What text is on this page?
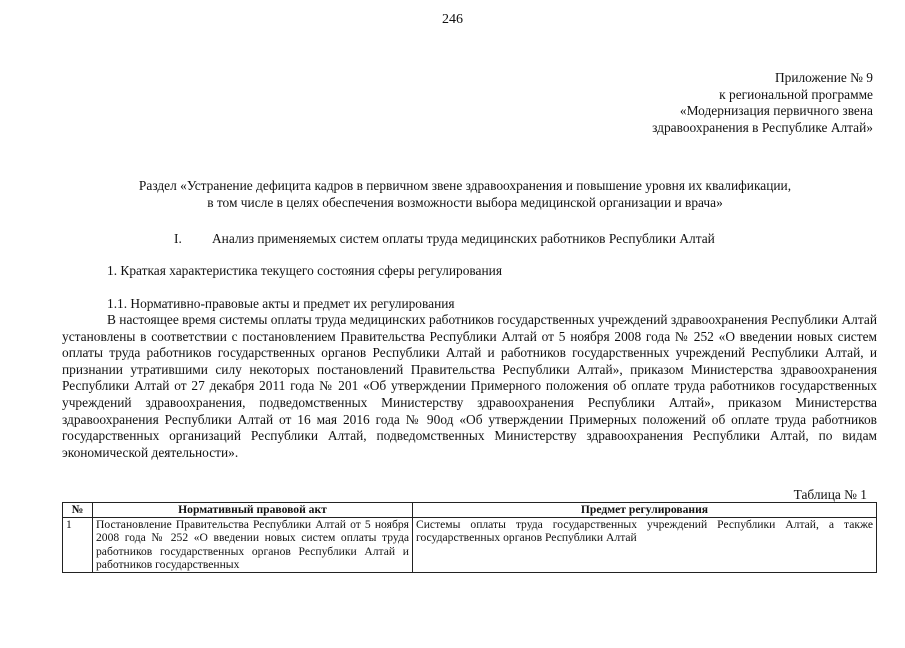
246
Приложение № 9
к региональной программе
«Модернизация первичного звена
здравоохранения в Республике Алтай»
Раздел «Устранение дефицита кадров в первичном звене здравоохранения и повышение уровня их квалификации,
в том числе в целях обеспечения возможности выбора медицинской организации и врача»
I. Анализ применяемых систем оплаты труда медицинских работников Республики Алтай
1. Краткая характеристика текущего состояния сферы регулирования
1.1. Нормативно-правовые акты и предмет их регулирования

В настоящее время системы оплаты труда медицинских работников государственных учреждений здравоохранения Республики Алтай установлены в соответствии с постановлением Правительства Республики Алтай от 5 ноября 2008 года № 252 «О введении новых систем оплаты труда работников государственных органов Республики Алтай и работников государственных учреждений Республики Алтай, и признании утратившими силу некоторых постановлений Правительства Республики Алтай», приказом Министерства здравоохранения Республики Алтай от 27 декабря 2011 года № 201 «Об утверждении Примерного положения об оплате труда работников государственных учреждений здравоохранения, подведомственных Министерству здравоохранения Республики Алтай», приказом Министерства здравоохранения Республики Алтай от 16 мая 2016 года № 90од «Об утверждении Примерных положений об оплате труда работников государственных организаций Республики Алтай, подведомственных Министерству здравоохранения Республики Алтай, по видам экономической деятельности».

Таблица № 1
№	Нормативный правовой акт	Предмет регулирования
1	Постановление Правительства Республики Алтай от 5 ноября 2008 года № 252 «О введении новых систем оплаты труда работников государственных органов Республики Алтай и работников государственных	Системы оплаты труда государственных учреждений Республики Алтай, а также государственных органов Республики Алтай
